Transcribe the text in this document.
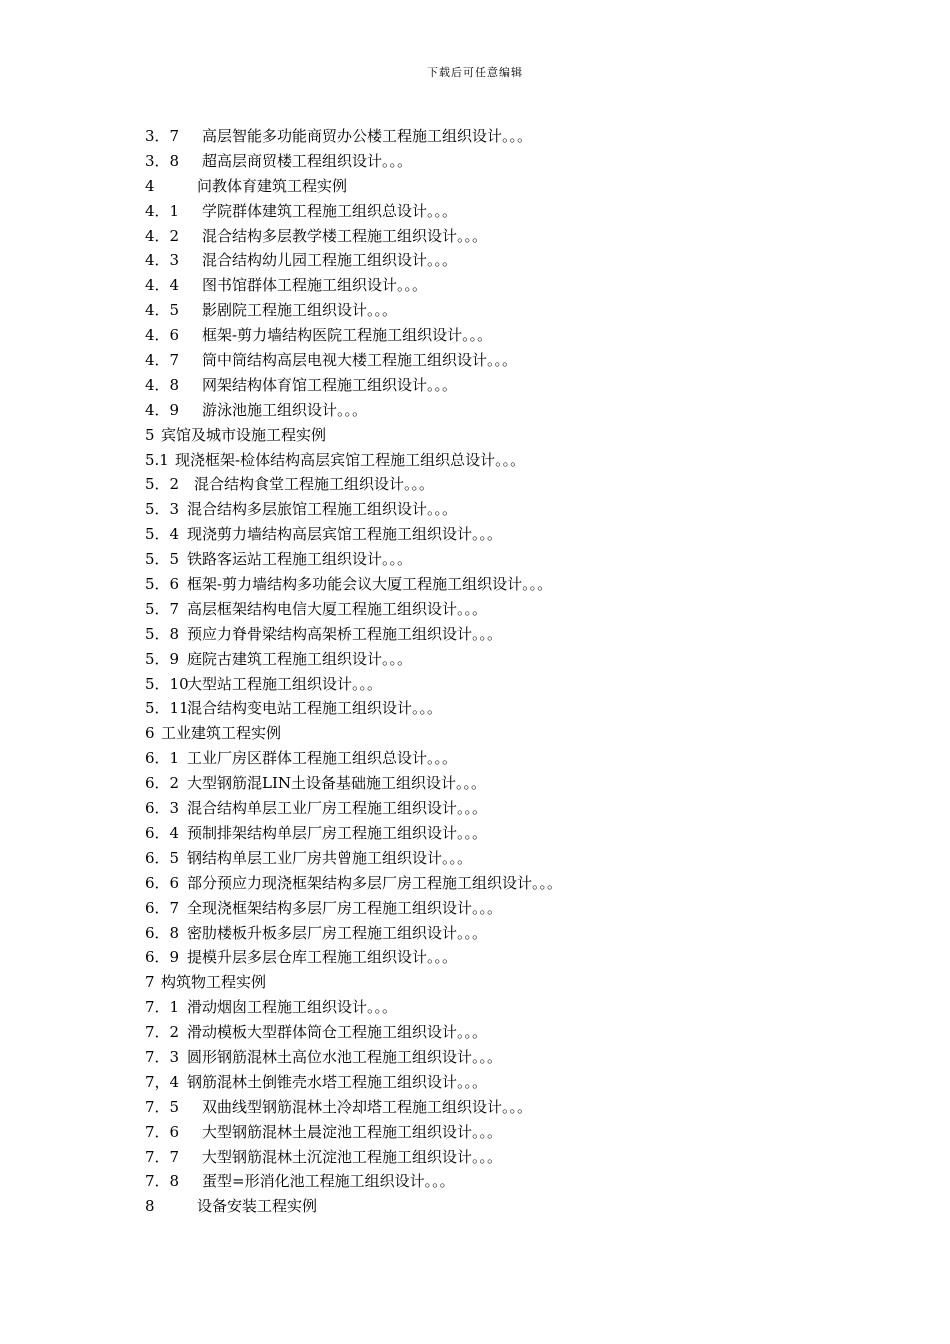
下载后可任意编辑
3．7 高层智能多功能商贸办公楼工程施工组织设计。。。
3．8 超高层商贸楼工程组织设计。。。
4	问教体育建筑工程实例
4．1 学院群体建筑工程施工组织总设计。。。
4．2 混合结构多层教学楼工程施工组织设计。。。
4．3 混合结构幼儿园工程施工组织设计。。。
4．4 图书馆群体工程施工组织设计。。。
4．5 影剧院工程施工组织设计。。。
4．6 框架-剪力墙结构医院工程施工组织设计。。。
4．7 筒中筒结构高层电视大楼工程施工组织设计。。。
4．8 网架结构体育馆工程施工组织设计。。。
4．9 游泳池施工组织设计。。。
5 宾馆及城市设施工程实例
5.1 现浇框架-检体结构高层宾馆工程施工组织总设计。。。
5．2 混合结构食堂工程施工组织设计。。。
5．3 混合结构多层旅馆工程施工组织设计。。。
5．4 现浇剪力墙结构高层宾馆工程施工组织设计。。。
5．5 铁路客运站工程施工组织设计。。。
5．6 框架-剪力墙结构多功能会议大厦工程施工组织设计。。。
5．7 高层框架结构电信大厦工程施工组织设计。。。
5．8 预应力脊骨梁结构高架桥工程施工组织设计。。。
5．9 庭院古建筑工程施工组织设计。。。
5．10大型站工程施工组织设计。。。
5．11混合结构变电站工程施工组织设计。。。
6 工业建筑工程实例
6．1 工业厂房区群体工程施工组织总设计。。。
6．2 大型钢筋混LIN土设备基础施工组织设计。。。
6．3 混合结构单层工业厂房工程施工组织设计。。。
6．4 预制排架结构单层厂房工程施工组织设计。。。
6．5 钢结构单层工业厂房共曾施工组织设计。。。
6．6 部分预应力现浇框架结构多层厂房工程施工组织设计。。。
6．7 全现浇框架结构多层厂房工程施工组织设计。。。
6．8 密肋楼板升板多层厂房工程施工组织设计。。。
6．9 提模升层多层仓库工程施工组织设计。。。
7 构筑物工程实例
7．1 滑动烟囱工程施工组织设计。。。
7．2 滑动模板大型群体筒仓工程施工组织设计。。。
7．3 圆形钢筋混林土高位水池工程施工组织设计。。。
7，4 钢筋混林土倒锥壳水塔工程施工组织设计。。。
7．5 双曲线型钢筋混林土冷却塔工程施工组织设计。。。
7．6 大型钢筋混林土晨淀池工程施工组织设计。。。
7．7 大型钢筋混林土沉淀池工程施工组织设计。。。
7．8 蛋型=形消化池工程施工组织设计。。。
8	设备安装工程实例
